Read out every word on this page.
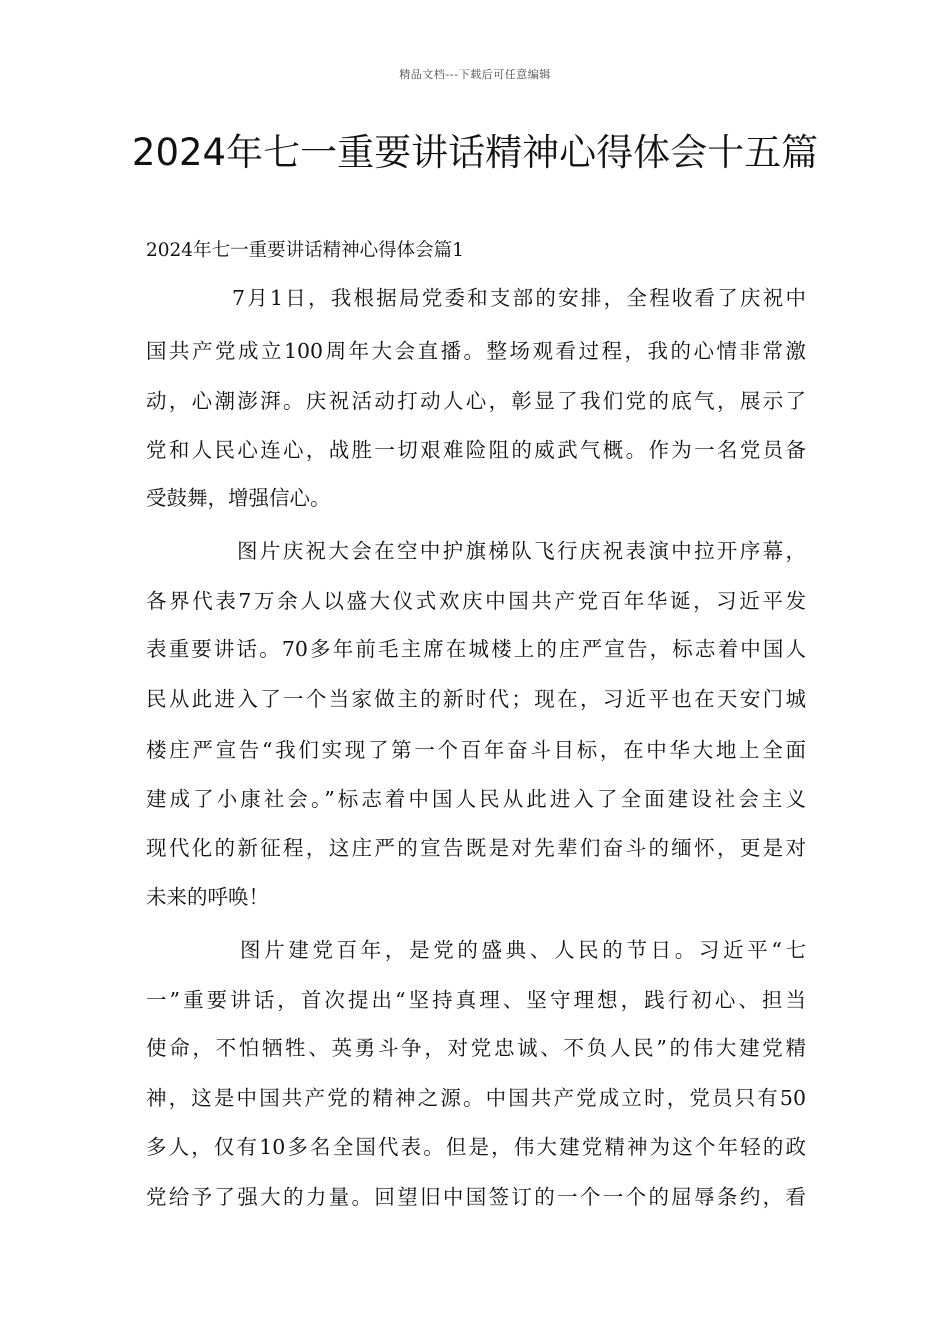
精品文档---下载后可任意编辑
2024年七一重要讲话精神心得体会十五篇
2024年七一重要讲话精神心得体会篇1
7月1日，我根据局党委和支部的安排，全程收看了庆祝中
国共产党成立100周年大会直播。整场观看过程，我的心情非常激
动，心潮澎湃。庆祝活动打动人心，彰显了我们党的底气，展示了
党和人民心连心，战胜一切艰难险阻的威武气概。作为一名党员备
受鼓舞，增强信心。
图片庆祝大会在空中护旗梯队飞行庆祝表演中拉开序幕，
各界代表7万余人以盛大仪式欢庆中国共产党百年华诞，习近平发
表重要讲话。70多年前毛主席在城楼上的庄严宣告，标志着中国人
民从此进入了一个当家做主的新时代；现在，习近平也在天安门城
楼庄严宣告“我们实现了第一个百年奋斗目标，在中华大地上全面
建成了小康社会。”标志着中国人民从此进入了全面建设社会主义
现代化的新征程，这庄严的宣告既是对先辈们奋斗的缅怀，更是对
未来的呼唤！
图片建党百年，是党的盛典、人民的节日。习近平“七
一”重要讲话，首次提出“坚持真理、坚守理想，践行初心、担当
使命，不怕牺牲、英勇斗争，对党忠诚、不负人民”的伟大建党精
神，这是中国共产党的精神之源。中国共产党成立时，党员只有50
多人，仅有10多名全国代表。但是，伟大建党精神为这个年轻的政
党给予了强大的力量。回望旧中国签订的一个一个的屈辱条约，看
